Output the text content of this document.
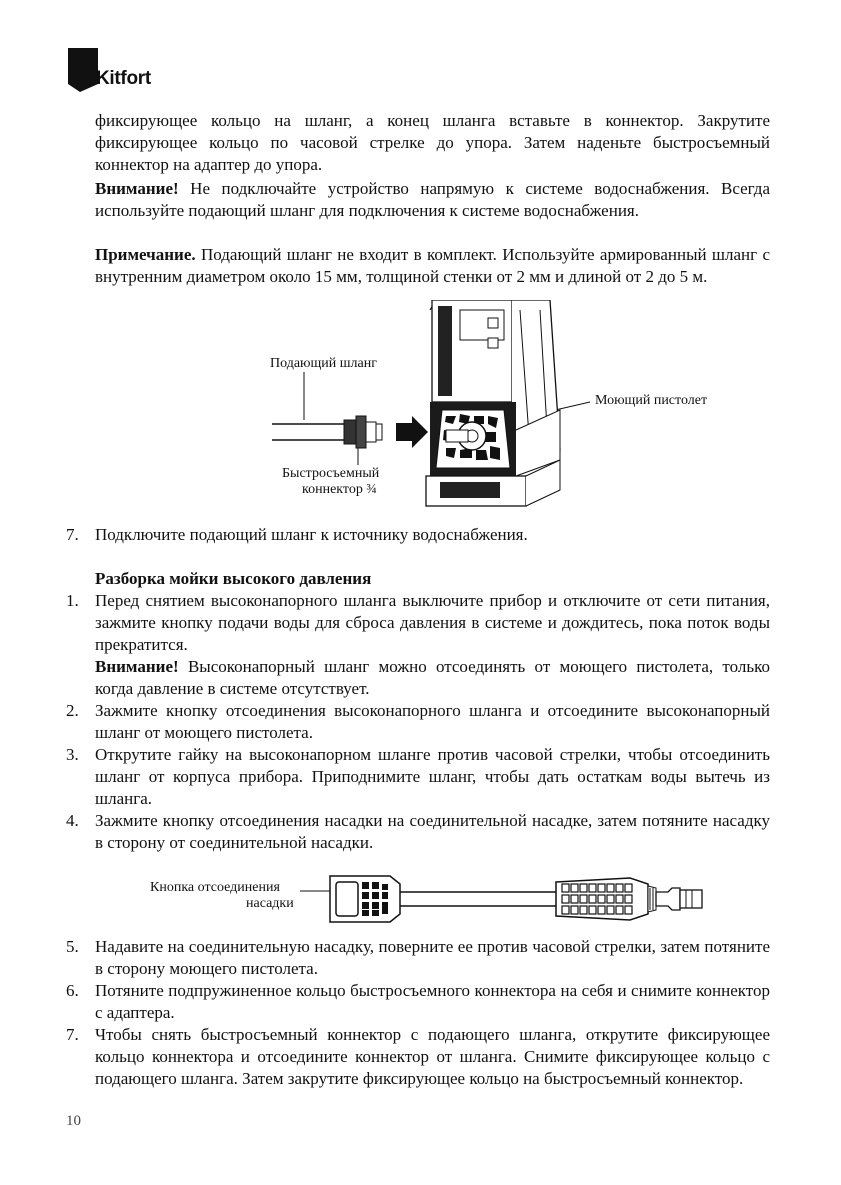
Kitfort
фиксирующее кольцо на шланг, а конец шланга вставьте в коннектор. Закрутите фиксирующее кольцо по часовой стрелке до упора. Затем наденьте быстросъемный коннектор на адаптер до упора.
Внимание! Не подключайте устройство напрямую к системе водоснабжения. Всегда используйте подающий шланг для подключения к системе водоснабжения.
Примечание. Подающий шланг не входит в комплект. Используйте армированный шланг с внутренним диаметром около 15 мм, толщиной стенки от 2 мм и длиной от 2 до 5 м.
Подающий шланг
Быстросъемный
коннектор ¾
Моющий пистолет
7. Подключите подающий шланг к источнику водоснабжения.
Разборка мойки высокого давления
1. Перед снятием высоконапорного шланга выключите прибор и отключите от сети питания, зажмите кнопку подачи воды для сброса давления в системе и дождитесь, пока поток воды прекратится.
Внимание! Высоконапорный шланг можно отсоединять от моющего пистолета, только когда давление в системе отсутствует.
2. Зажмите кнопку отсоединения высоконапорного шланга и отсоедините высоконапорный шланг от моющего пистолета.
3. Открутите гайку на высоконапорном шланге против часовой стрелки, чтобы отсоединить шланг от корпуса прибора. Приподнимите шланг, чтобы дать остаткам воды вытечь из шланга.
4. Зажмите кнопку отсоединения насадки на соединительной насадке, затем потяните насадку в сторону от соединительной насадки.
Кнопка отсоединения
насадки
5. Надавите на соединительную насадку, поверните ее против часовой стрелки, затем потяните в сторону моющего пистолета.
6. Потяните подпружиненное кольцо быстросъемного коннектора на себя и снимите коннектор с адаптера.
7. Чтобы снять быстросъемный коннектор с подающего шланга, открутите фиксирующее кольцо коннектора и отсоедините коннектор от шланга. Снимите фиксирующее кольцо с подающего шланга. Затем закрутите фиксирующее кольцо на быстросъемный коннектор.
10
